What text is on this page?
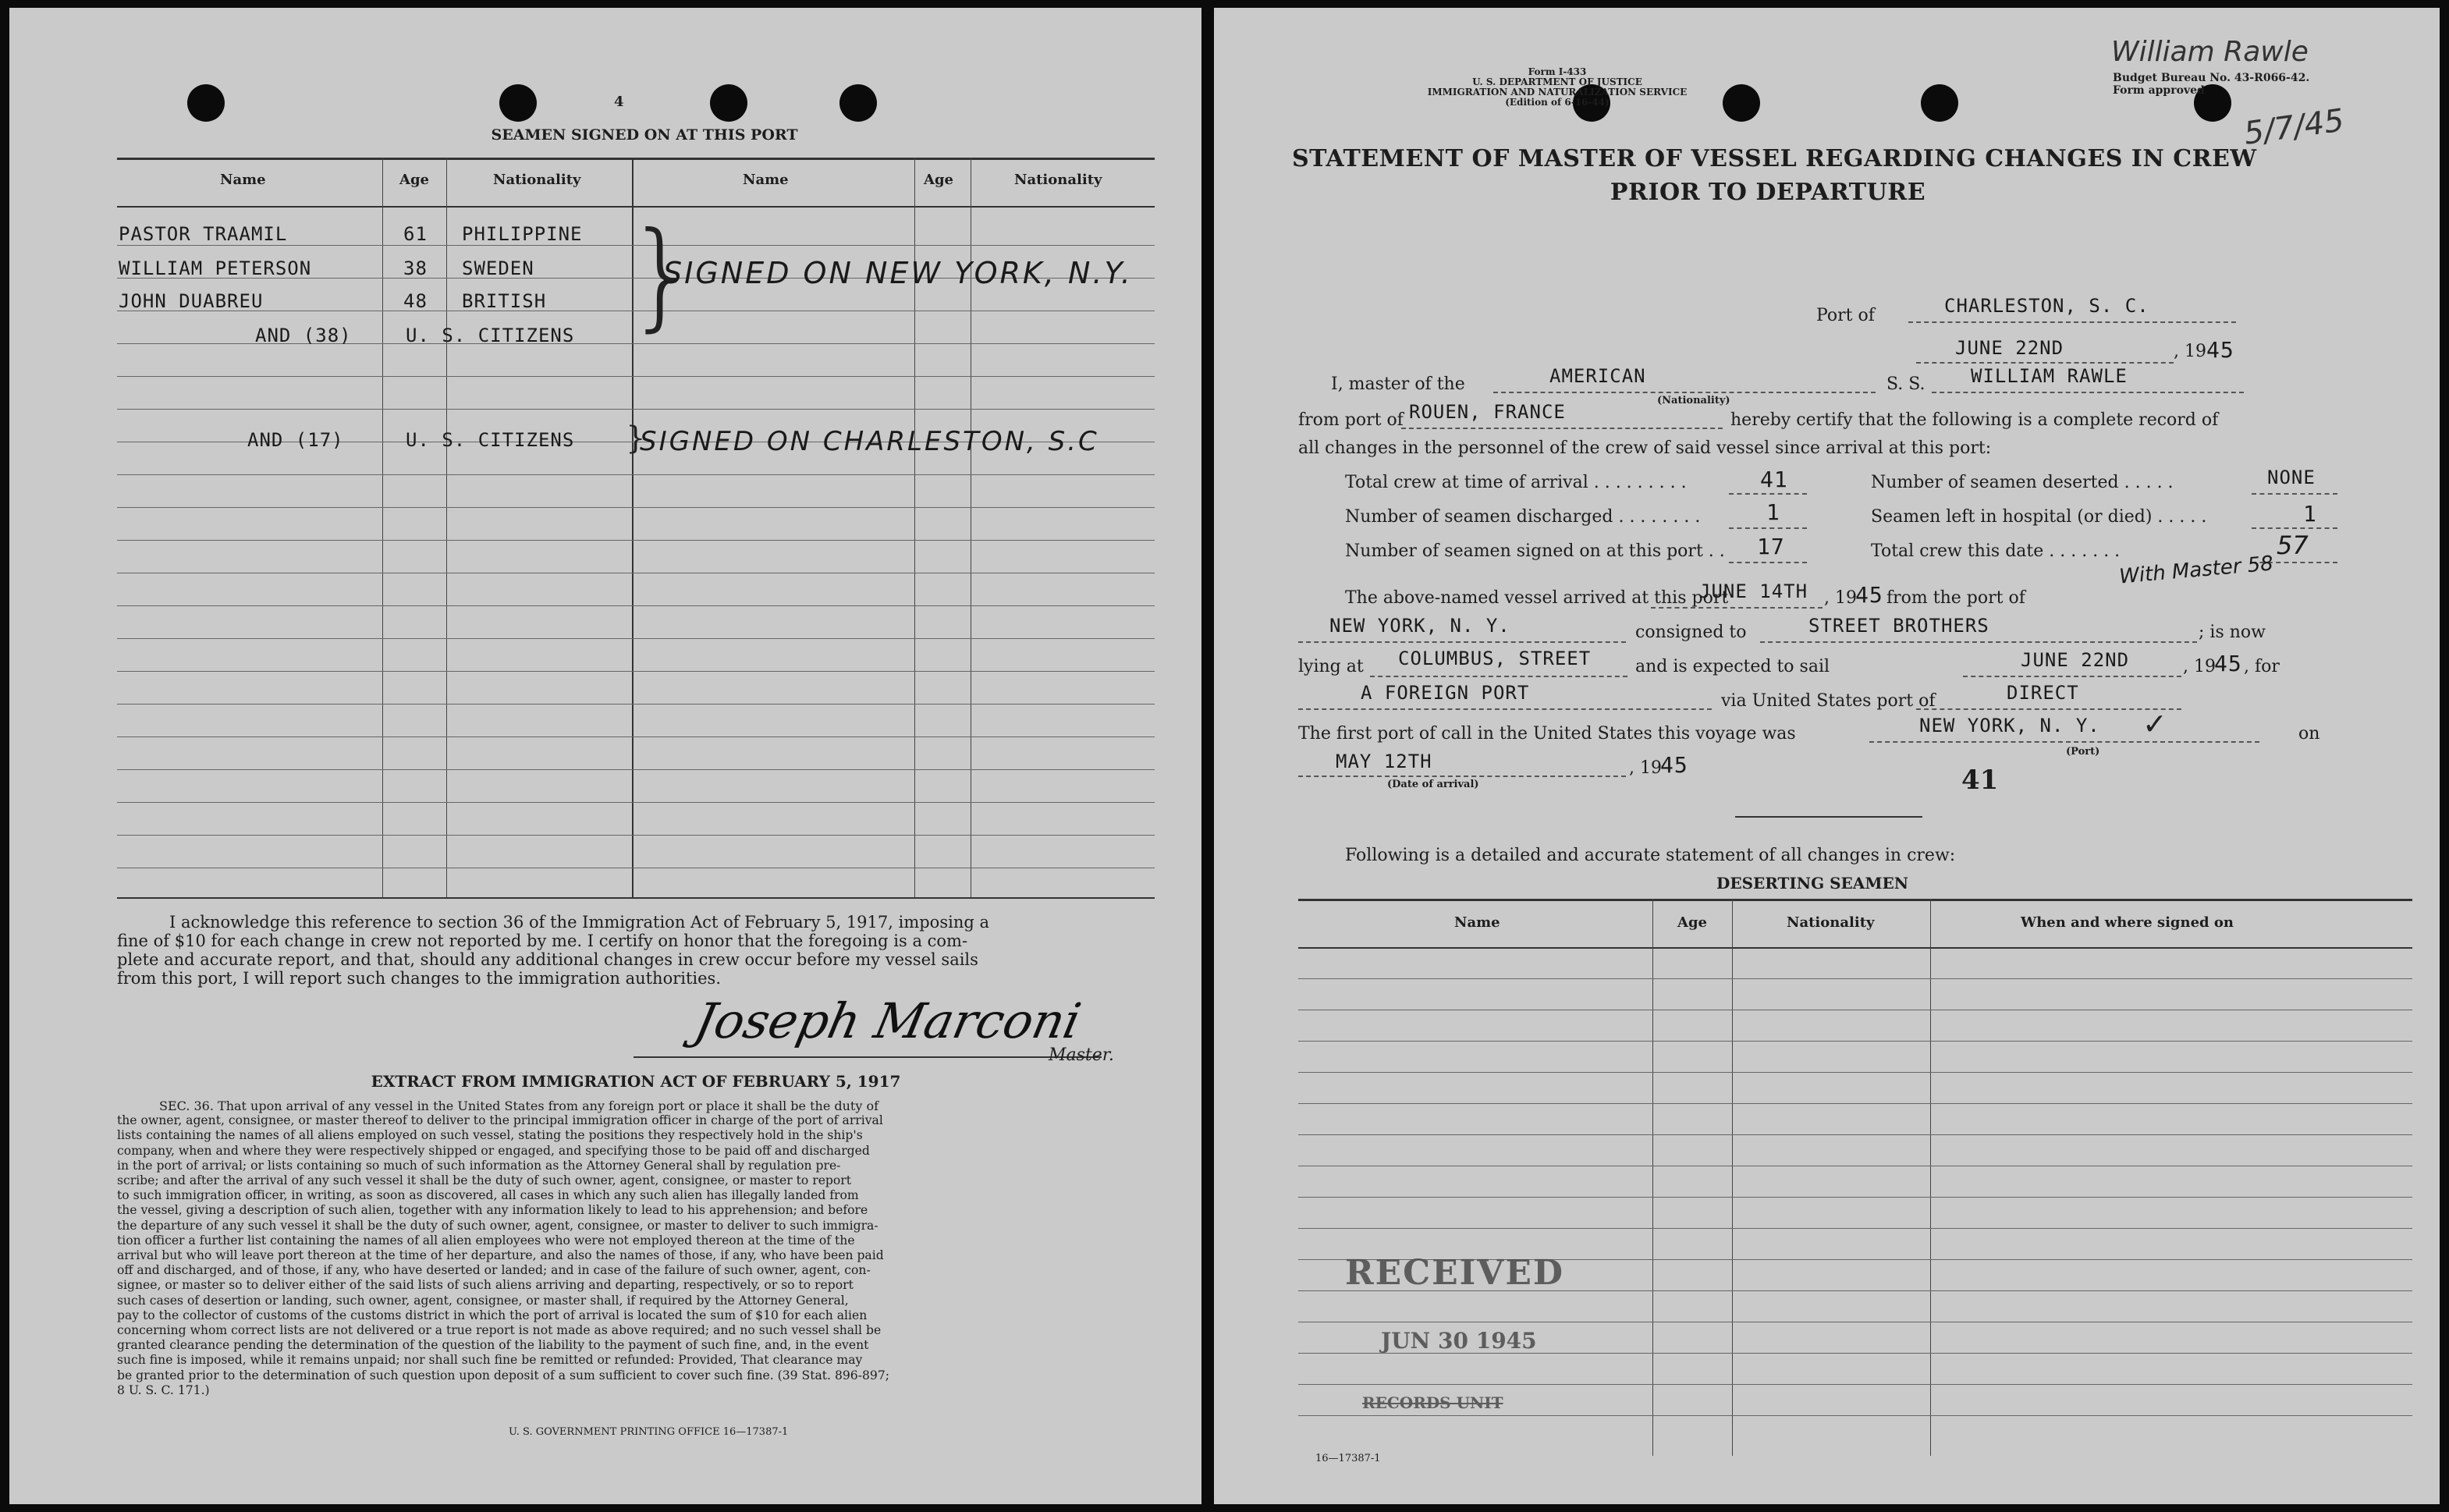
4
SEAMEN SIGNED ON AT THIS PORT
Name	Age	Nationality	Name	Age	Nationality
PASTOR TRAAMIL	61 PHILIPPINE
WILLIAM PETERSON	38 SWEDEN
JOHN DUABREU	48 BRITISH
AND (38)	U. S. CITIZENS }
SIGNED ON NEW YORK, N.Y.
AND (17)	U. S. CITIZENS }
SIGNED ON CHARLESTON, S.C
I acknowledge this reference to section 36 of the Immigration Act of February 5, 1917, imposing a
fine of $10 for each change in crew not reported by me. I certify on honor that the foregoing is a com-
plete and accurate report, and that, should any additional changes in crew occur before my vessel sails
from this port, I will report such changes to the immigration authorities.
Joseph Marconi
Master.
EXTRACT FROM IMMIGRATION ACT OF FEBRUARY 5, 1917
SEC. 36. That upon arrival of any vessel in the United States from any foreign port or place it shall be the duty of
the owner, agent, consignee, or master thereof to deliver to the principal immigration officer in charge of the port of arrival
lists containing the names of all aliens employed on such vessel, stating the positions they respectively hold in the ship's
company, when and where they were respectively shipped or engaged, and specifying those to be paid off and discharged
in the port of arrival; or lists containing so much of such information as the Attorney General shall by regulation pre-
scribe; and after the arrival of any such vessel it shall be the duty of such owner, agent, consignee, or master to report
to such immigration officer, in writing, as soon as discovered, all cases in which any such alien has illegally landed from
the vessel, giving a description of such alien, together with any information likely to lead to his apprehension; and before
the departure of any such vessel it shall be the duty of such owner, agent, consignee, or master to deliver to such immigra-
tion officer a further list containing the names of all alien employees who were not employed thereon at the time of the
arrival but who will leave port thereon at the time of her departure, and also the names of those, if any, who have been paid
off and discharged, and of those, if any, who have deserted or landed; and in case of the failure of such owner, agent, con-
signee, or master so to deliver either of the said lists of such aliens arriving and departing, respectively, or so to report
such cases of desertion or landing, such owner, agent, consignee, or master shall, if required by the Attorney General,
pay to the collector of customs of the customs district in which the port of arrival is located the sum of $10 for each alien
concerning whom correct lists are not delivered or a true report is not made as above required; and no such vessel shall be
granted clearance pending the determination of the question of the liability to the payment of such fine, and, in the event
such fine is imposed, while it remains unpaid; nor shall such fine be remitted or refunded: Provided, That clearance may
be granted prior to the determination of such question upon deposit of a sum sufficient to cover such fine. (39 Stat. 896-897;
8 U. S. C. 171.)
U. S. GOVERNMENT PRINTING OFFICE 16—17387-1
Form I-433
U. S. DEPARTMENT OF JUSTICE
IMMIGRATION AND NATURALIZATION SERVICE
(Edition of 6-16-44)
Budget Bureau No. 43-R066-42.
Form approved
William Rawle
5/7/45
STATEMENT OF MASTER OF VESSEL REGARDING CHANGES IN CREW
PRIOR TO DEPARTURE
Port of	CHARLESTON, S. C.
JUNE 22ND	, 19 45
I, master of the	AMERICAN
(Nationality)
S. S. WILLIAM RAWLE
from port of ROUEN, FRANCE	hereby certify that the following is a complete record of
all changes in the personnel of the crew of said vessel since arrival at this port:
Total crew at time of arrival . . . . . . . . .	41	Number of seamen deserted . . . . .	NONE
Number of seamen discharged . . . . . . . .	1	Seamen left in hospital (or died) . . . . .	1
Number of seamen signed on at this port . . 17	Total crew this date . . . . . . .	57
With Master 58
The above-named vessel arrived at this port
JUNE 14TH , 19
45 from the port of
NEW YORK, N. Y.	consigned to	STREET BROTHERS	; is now
lying at COLUMBUS, STREET	and is expected to sail	JUNE 22ND	, 19
45 , for
A FOREIGN PORT	via United States port of	DIRECT
The first port of call in the United States this voyage was	NEW YORK, N. Y.
(Port)
✓	on
MAY 12TH	, 19
45
(Date of arrival)	41
Following is a detailed and accurate statement of all changes in crew:
DESERTING SEAMEN
Name	Age	Nationality	When and where signed on
RECEIVED
JUN 30 1945
RECORDS UNIT
16—17387-1
